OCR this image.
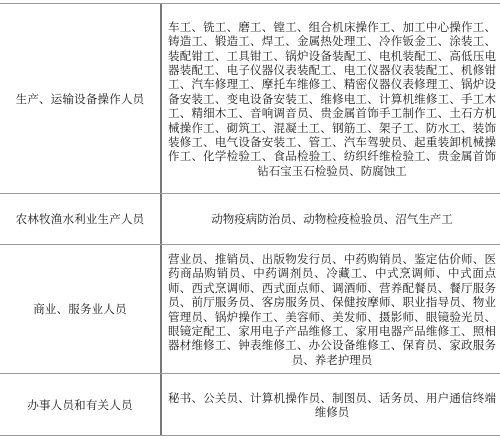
生产、运输设备操作人员
车工、铣工、磨工、镗工、组合机床操作工、加工中心操作工、铸造工、锻造工、焊工、金属热处理工、冷作钣金工、涂装工、装配钳工、工具钳工、锅炉设备装配工、电机装配工、高低压电器装配工、电子仪器仪表装配工、电工仪器仪表装配工、机修钳工、汽车修理工、摩托车维修工、精密仪器仪表修理工、锅炉设备安装工、变电设备安装工、维修电工、计算机维修工、手工木工、精细木工、音响调音员、贵金属首饰手工制作工、土石方机械操作工、砌筑工、混凝土工、钢筋工、架子工、防水工、装饰装修工、电气设备安装工、管工、汽车驾驶员、起重装卸机械操作工、化学检验工、食品检验工、纺织纤维检验工、贵金属首饰钻石宝玉石检验员、防腐蚀工
农林牧渔水利业生产人员	动物疫病防治员、动物检疫检验员、沼气生产工
商业、服务业人员
营业员、推销员、出版物发行员、中药购销员、鉴定估价师、医药商品购销员、中药调剂员、冷藏工、中式烹调师、中式面点师、西式烹调师、西式面点师、调酒师、营养配餐员、餐厅服务员、前厅服务员、客房服务员、保健按摩师、职业指导员、物业管理员、锅炉操作工、美容师、美发师、摄影师、眼镜验光员、眼镜定配工、家用电子产品维修工、家用电器产品维修工、照相器材维修工、钟表维修工、办公设备维修工、保育员、家政服务员、养老护理员
办事人员和有关人员	秘书、公关员、计算机操作员、制图员、话务员、用户通信终端维修员
